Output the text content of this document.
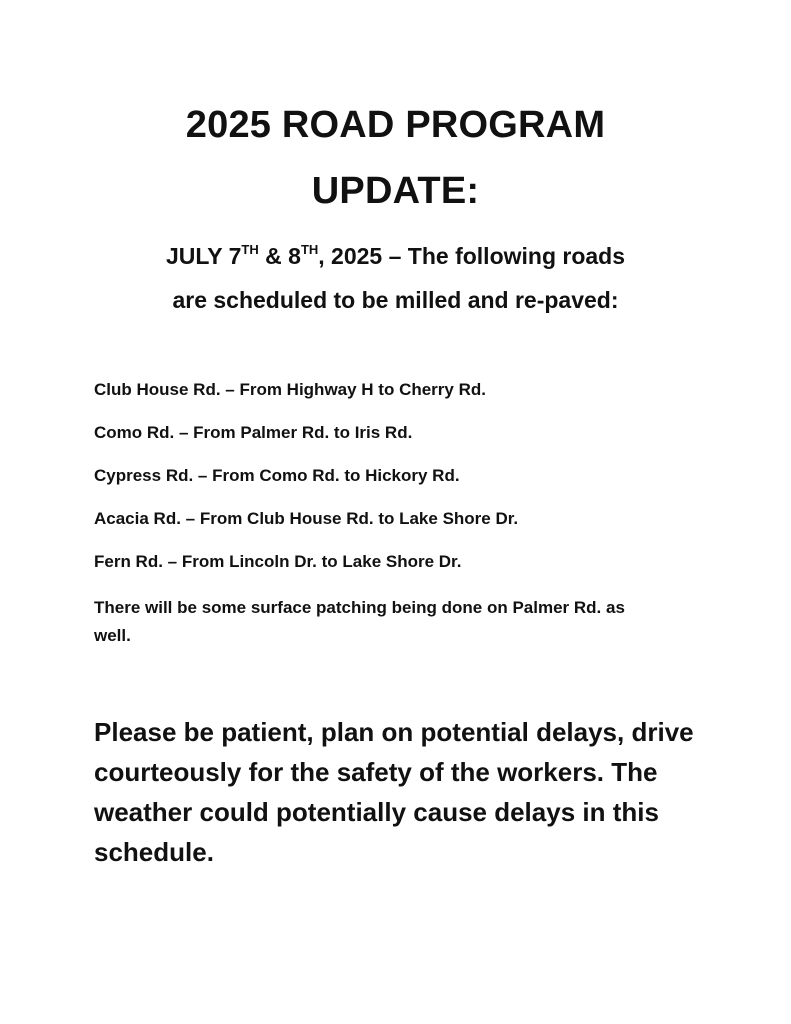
2025 ROAD PROGRAM
UPDATE:
JULY 7TH & 8TH, 2025 – The following roads
are scheduled to be milled and re-paved:
Club House Rd. – From Highway H to Cherry Rd.
Como Rd. – From Palmer Rd. to Iris Rd.
Cypress Rd. – From Como Rd. to Hickory Rd.
Acacia Rd. – From Club House Rd. to Lake Shore Dr.
Fern Rd. – From Lincoln Dr. to Lake Shore Dr.
There will be some surface patching being done on Palmer Rd. as well.
Please be patient, plan on potential delays, drive courteously for the safety of the workers. The weather could potentially cause delays in this schedule.
